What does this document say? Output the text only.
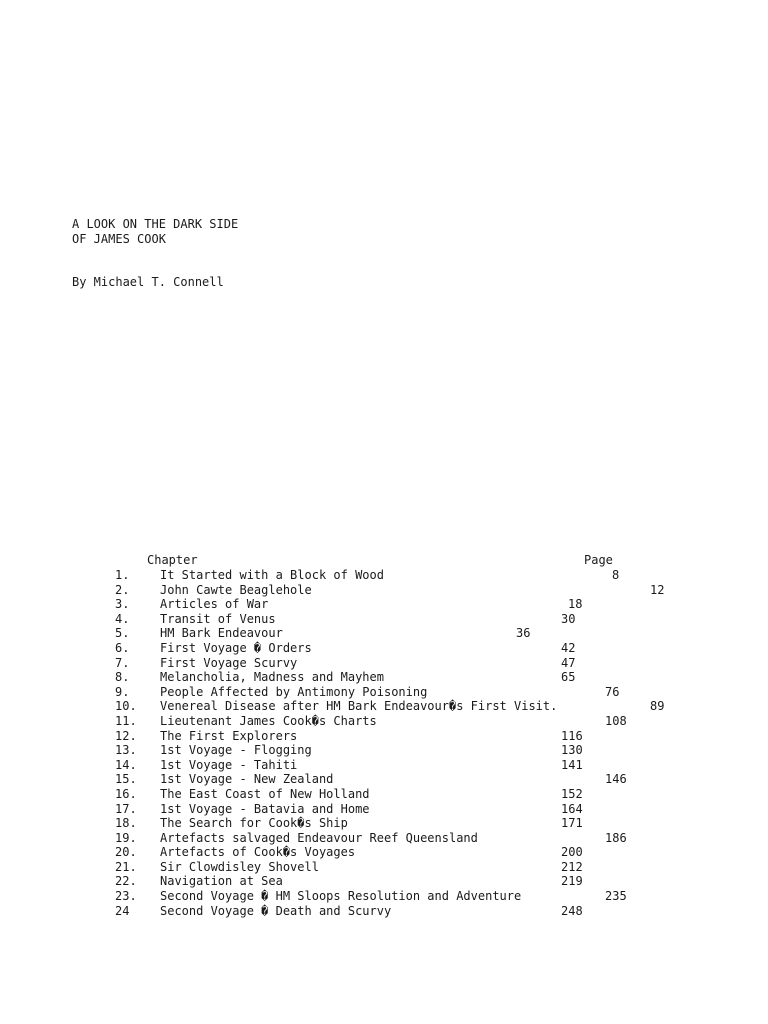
A LOOK ON THE DARK SIDE
OF JAMES COOK
By Michael T. Connell
Chapter	Page
1.	It Started with a Block of Wood	8
2.	John Cawte Beaglehole	12
3.	Articles of War	18
4.	Transit of Venus	30
5.	HM Bark Endeavour	36
6.	First Voyage � Orders	42
7.	First Voyage Scurvy	47
8.	Melancholia, Madness and Mayhem	65
9.	People Affected by Antimony Poisoning	76
10. Venereal Disease after HM Bark Endeavour�s First Visit.	89
11. Lieutenant James Cook�s Charts	108
12. The First Explorers	116
13. 1st Voyage - Flogging	130
14. 1st Voyage - Tahiti	141
15. 1st Voyage - New Zealand	146
16. The East Coast of New Holland	152
17. 1st Voyage - Batavia and Home	164
18. The Search for Cook�s Ship	171
19. Artefacts salvaged Endeavour Reef Queensland	186
20. Artefacts of Cook�s Voyages	200
21. Sir Clowdisley Shovell	212
22. Navigation at Sea	219
23. Second Voyage � HM Sloops Resolution and Adventure	235
24	Second Voyage � Death and Scurvy	248
